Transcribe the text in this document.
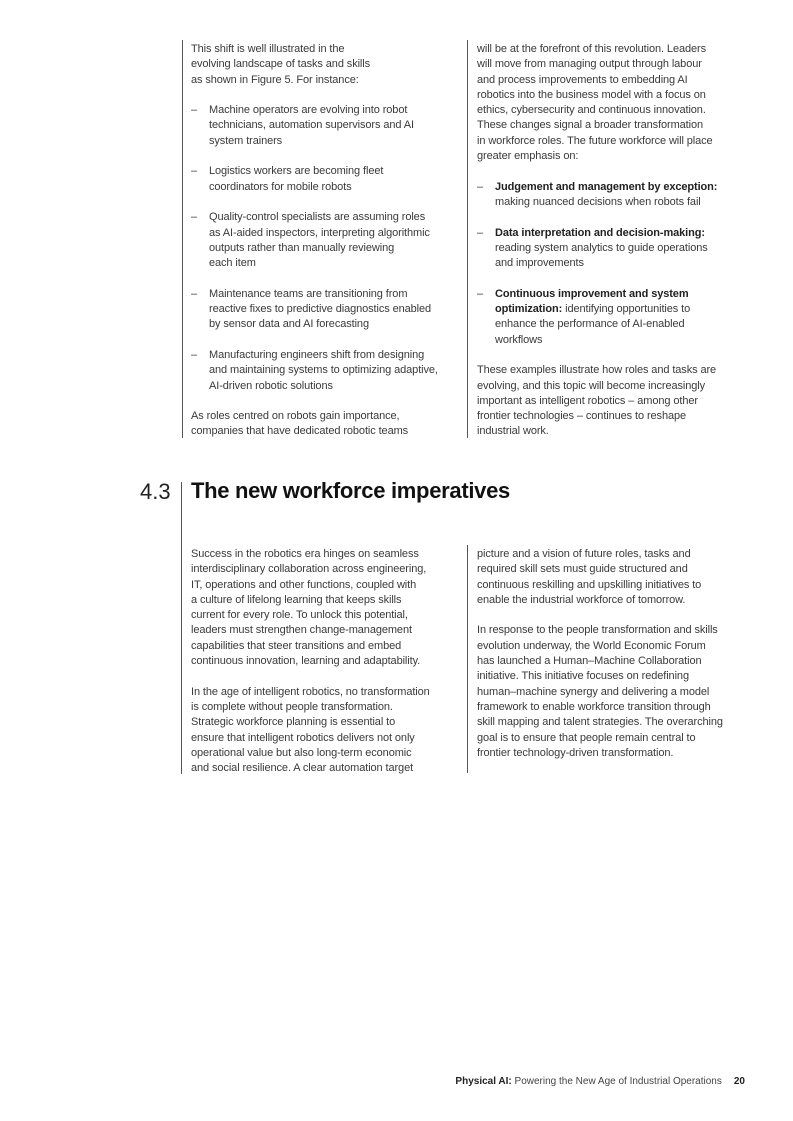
This shift is well illustrated in the
evolving landscape of tasks and skills
as shown in Figure 5. For instance:

– Machine operators are evolving into robot
technicians, automation supervisors and AI
system trainers
– Logistics workers are becoming fleet
coordinators for mobile robots
– Quality-control specialists are assuming roles
as AI-aided inspectors, interpreting algorithmic
outputs rather than manually reviewing
each item
– Maintenance teams are transitioning from
reactive fixes to predictive diagnostics enabled
by sensor data and AI forecasting
– Manufacturing engineers shift from designing
and maintaining systems to optimizing adaptive,
AI-driven robotic solutions

As roles centred on robots gain importance,
companies that have dedicated robotic teams

will be at the forefront of this revolution. Leaders
will move from managing output through labour
and process improvements to embedding AI
robotics into the business model with a focus on
ethics, cybersecurity and continuous innovation.
These changes signal a broader transformation
in workforce roles. The future workforce will place
greater emphasis on:

– Judgement and management by exception:
making nuanced decisions when robots fail
– Data interpretation and decision-making:
reading system analytics to guide operations
and improvements
– Continuous improvement and system
optimization: identifying opportunities to
enhance the performance of AI-enabled
workflows

These examples illustrate how roles and tasks are
evolving, and this topic will become increasingly
important as intelligent robotics – among other
frontier technologies – continues to reshape
industrial work.

4.3 The new workforce imperatives

Success in the robotics era hinges on seamless
interdisciplinary collaboration across engineering,
IT, operations and other functions, coupled with
a culture of lifelong learning that keeps skills
current for every role. To unlock this potential,
leaders must strengthen change-management
capabilities that steer transitions and embed
continuous innovation, learning and adaptability.

In the age of intelligent robotics, no transformation
is complete without people transformation.
Strategic workforce planning is essential to
ensure that intelligent robotics delivers not only
operational value but also long-term economic
and social resilience. A clear automation target

picture and a vision of future roles, tasks and
required skill sets must guide structured and
continuous reskilling and upskilling initiatives to
enable the industrial workforce of tomorrow.

In response to the people transformation and skills
evolution underway, the World Economic Forum
has launched a Human–Machine Collaboration
initiative. This initiative focuses on redefining
human–machine synergy and delivering a model
framework to enable workforce transition through
skill mapping and talent strategies. The overarching
goal is to ensure that people remain central to
frontier technology-driven transformation.

Physical AI: Powering the New Age of Industrial Operations 20
